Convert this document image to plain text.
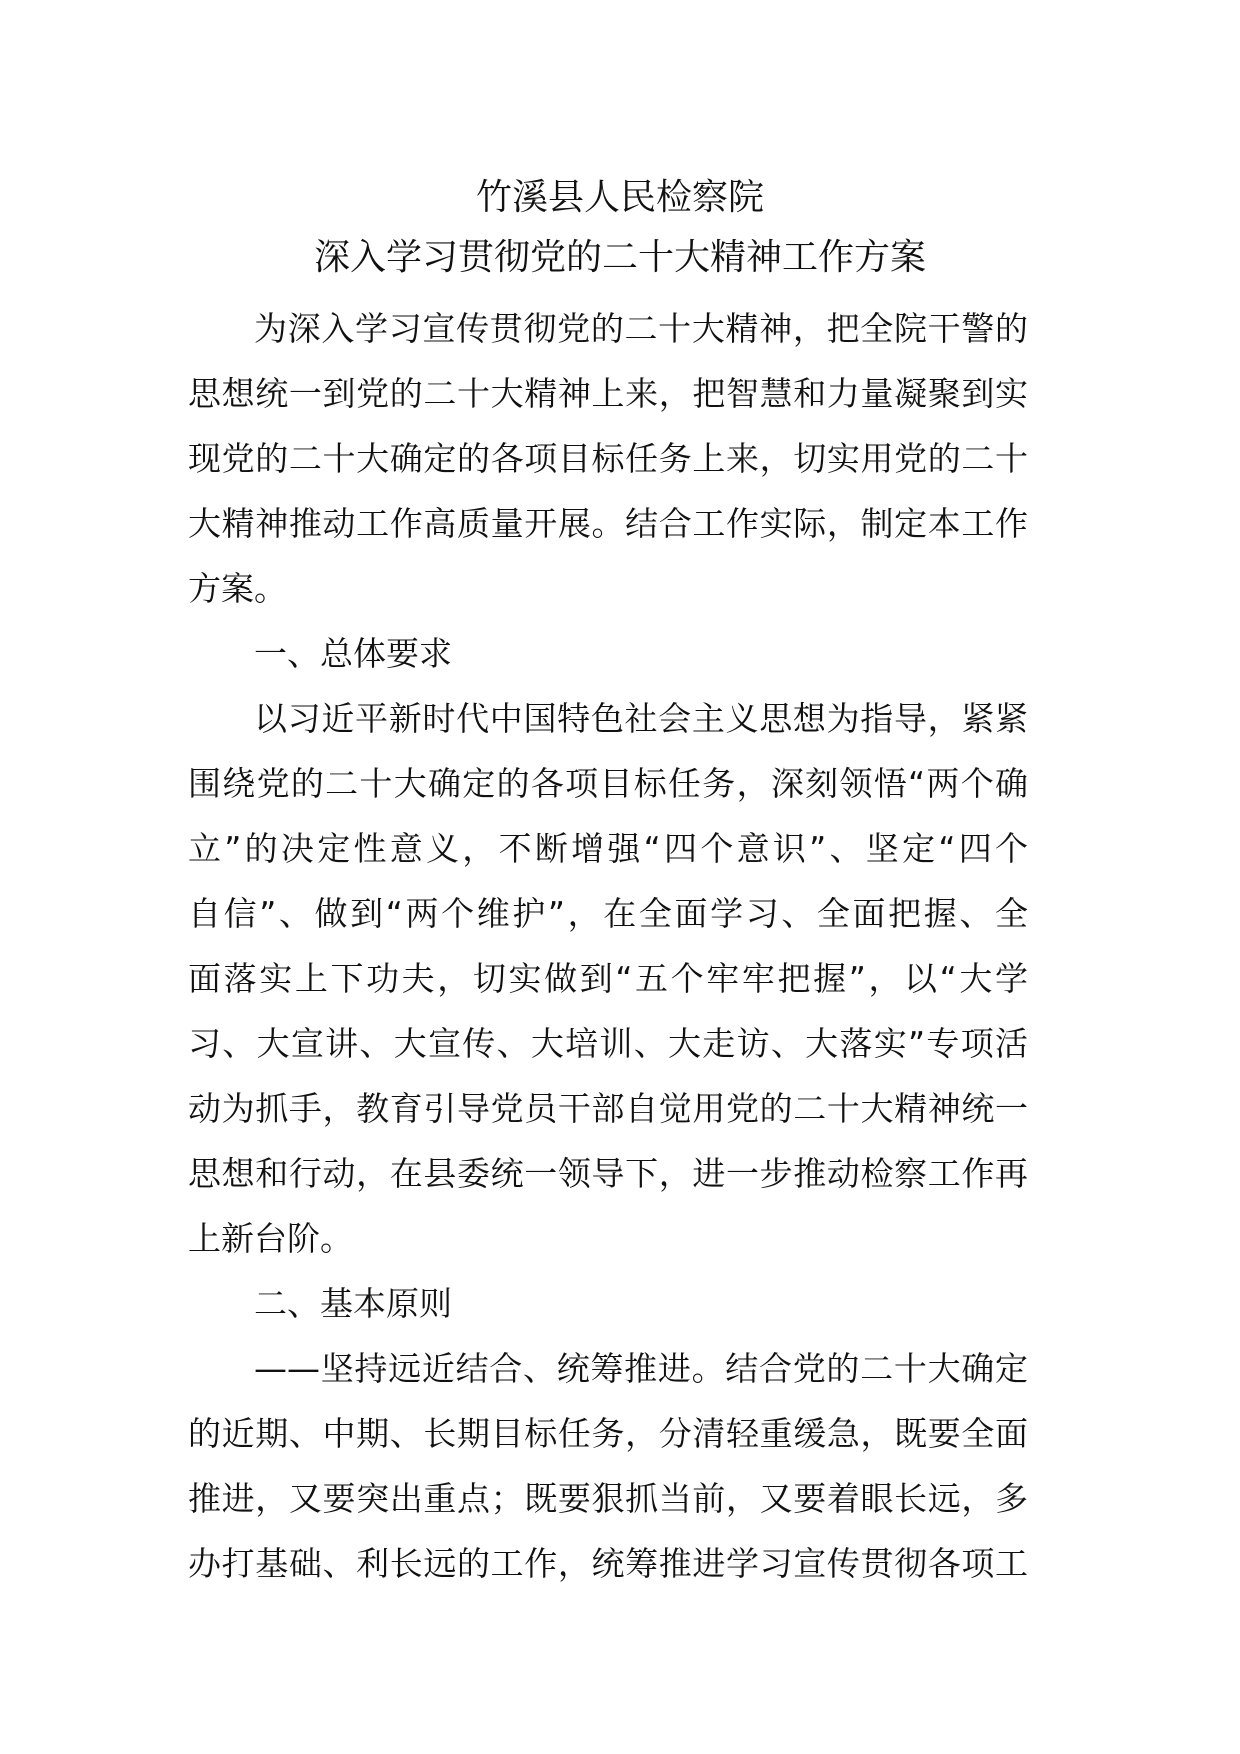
竹溪县人民检察院
深入学习贯彻党的二十大精神工作方案
为深入学习宣传贯彻党的二十大精神，把全院干警的
思想统一到党的二十大精神上来，把智慧和力量凝聚到实
现党的二十大确定的各项目标任务上来，切实用党的二十
大精神推动工作高质量开展。结合工作实际，制定本工作
方案。
一、总体要求
以习近平新时代中国特色社会主义思想为指导，紧紧
围绕党的二十大确定的各项目标任务，深刻领悟“两个确
立”的决定性意义，不断增强“四个意识”、坚定“四个
自信”、做到“两个维护”，在全面学习、全面把握、全
面落实上下功夫，切实做到“五个牢牢把握”，以“大学
习、大宣讲、大宣传、大培训、大走访、大落实”专项活
动为抓手，教育引导党员干部自觉用党的二十大精神统一
思想和行动，在县委统一领导下，进一步推动检察工作再
上新台阶。
二、基本原则
——坚持远近结合、统筹推进。结合党的二十大确定
的近期、中期、长期目标任务，分清轻重缓急，既要全面
推进，又要突出重点；既要狠抓当前，又要着眼长远，多
办打基础、利长远的工作，统筹推进学习宣传贯彻各项工
